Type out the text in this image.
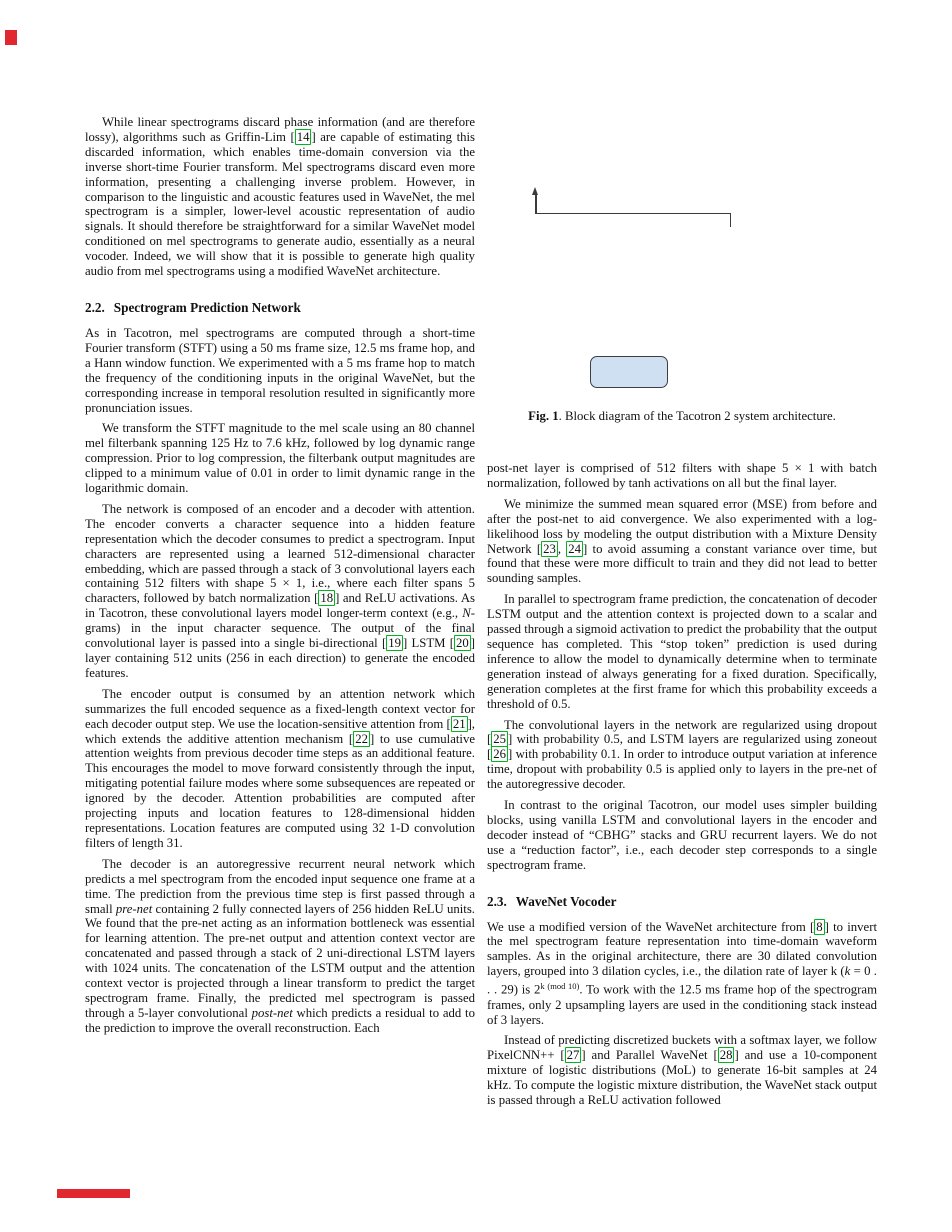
While linear spectrograms discard phase information (and are therefore lossy), algorithms such as Griffin-Lim [ 14 ] are capable of estimating this discarded information, which enables time-domain conversion via the inverse short-time Fourier transform. Mel spectrograms discard even more information, presenting a challenging inverse problem. However, in comparison to the linguistic and acoustic features used in WaveNet, the mel spectrogram is a simpler, lower-level acoustic representation of audio signals. It should therefore be straightforward for a similar WaveNet model conditioned on mel spectrograms to generate audio, essentially as a neural vocoder. Indeed, we will show that it is possible to generate high quality audio from mel spectrograms using a modified WaveNet architecture.

2.2. Spectrogram Prediction Network

As in Tacotron, mel spectrograms are computed through a short-time Fourier transform (STFT) using a 50 ms frame size, 12.5 ms frame hop, and a Hann window function. We experimented with a 5 ms frame hop to match the frequency of the conditioning inputs in the original WaveNet, but the corresponding increase in temporal resolution resulted in significantly more pronunciation issues.

We transform the STFT magnitude to the mel scale using an 80 channel mel filterbank spanning 125 Hz to 7.6 kHz, followed by log dynamic range compression. Prior to log compression, the filterbank output magnitudes are clipped to a minimum value of 0.01 in order to limit dynamic range in the logarithmic domain.

The network is composed of an encoder and a decoder with attention. The encoder converts a character sequence into a hidden feature representation which the decoder consumes to predict a spectrogram. Input characters are represented using a learned 512-dimensional character embedding, which are passed through a stack of 3 convolutional layers each containing 512 filters with shape 5 × 1, i.e., where each filter spans 5 characters, followed by batch normalization [ 18 ] and ReLU activations. As in Tacotron, these convolutional layers model longer-term context (e.g., N-grams) in the input character sequence. The output of the final convolutional layer is passed into a single bi-directional [ 19 ] LSTM [ 20 ] layer containing 512 units (256 in each direction) to generate the encoded features.

The encoder output is consumed by an attention network which summarizes the full encoded sequence as a fixed-length context vector for each decoder output step. We use the location-sensitive attention from [ 21 ], which extends the additive attention mechanism [ 22 ] to use cumulative attention weights from previous decoder time steps as an additional feature. This encourages the model to move forward consistently through the input, mitigating potential failure modes where some subsequences are repeated or ignored by the decoder. Attention probabilities are computed after projecting inputs and location features to 128-dimensional hidden representations. Location features are computed using 32 1-D convolution filters of length 31.

The decoder is an autoregressive recurrent neural network which predicts a mel spectrogram from the encoded input sequence one frame at a time. The prediction from the previous time step is first passed through a small pre-net containing 2 fully connected layers of 256 hidden ReLU units. We found that the pre-net acting as an information bottleneck was essential for learning attention. The pre-net output and attention context vector are concatenated and passed through a stack of 2 uni-directional LSTM layers with 1024 units. The concatenation of the LSTM output and the attention context vector is projected through a linear transform to predict the target spectrogram frame. Finally, the predicted mel spectrogram is passed through a 5-layer convolutional post-net which predicts a residual to add to the prediction to improve the overall reconstruction. Each

Fig. 1. Block diagram of the Tacotron 2 system architecture.

post-net layer is comprised of 512 filters with shape 5 × 1 with batch normalization, followed by tanh activations on all but the final layer.

We minimize the summed mean squared error (MSE) from before and after the post-net to aid convergence. We also experimented with a log-likelihood loss by modeling the output distribution with a Mixture Density Network [ 23 , 24 ] to avoid assuming a constant variance over time, but found that these were more difficult to train and they did not lead to better sounding samples.

In parallel to spectrogram frame prediction, the concatenation of decoder LSTM output and the attention context is projected down to a scalar and passed through a sigmoid activation to predict the probability that the output sequence has completed. This “stop token” prediction is used during inference to allow the model to dynamically determine when to terminate generation instead of always generating for a fixed duration. Specifically, generation completes at the first frame for which this probability exceeds a threshold of 0.5.

The convolutional layers in the network are regularized using dropout [ 25 ] with probability 0.5, and LSTM layers are regularized using zoneout [ 26 ] with probability 0.1. In order to introduce output variation at inference time, dropout with probability 0.5 is applied only to layers in the pre-net of the autoregressive decoder.

In contrast to the original Tacotron, our model uses simpler building blocks, using vanilla LSTM and convolutional layers in the encoder and decoder instead of “CBHG” stacks and GRU recurrent layers. We do not use a “reduction factor”, i.e., each decoder step corresponds to a single spectrogram frame.

2.3. WaveNet Vocoder

We use a modified version of the WaveNet architecture from [ 8 ] to invert the mel spectrogram feature representation into time-domain waveform samples. As in the original architecture, there are 30 dilated convolution layers, grouped into 3 dilation cycles, i.e., the dilation rate of layer k (k = 0 . . . 29) is $2^{k (mod 10)}$. To work with the 12.5 ms frame hop of the spectrogram frames, only 2 upsampling layers are used in the conditioning stack instead of 3 layers.

Instead of predicting discretized buckets with a softmax layer, we follow PixelCNN++ [ 27 ] and Parallel WaveNet [ 28 ] and use a 10-component mixture of logistic distributions (MoL) to generate 16-bit samples at 24 kHz. To compute the logistic mixture distribution, the WaveNet stack output is passed through a ReLU activation followed
